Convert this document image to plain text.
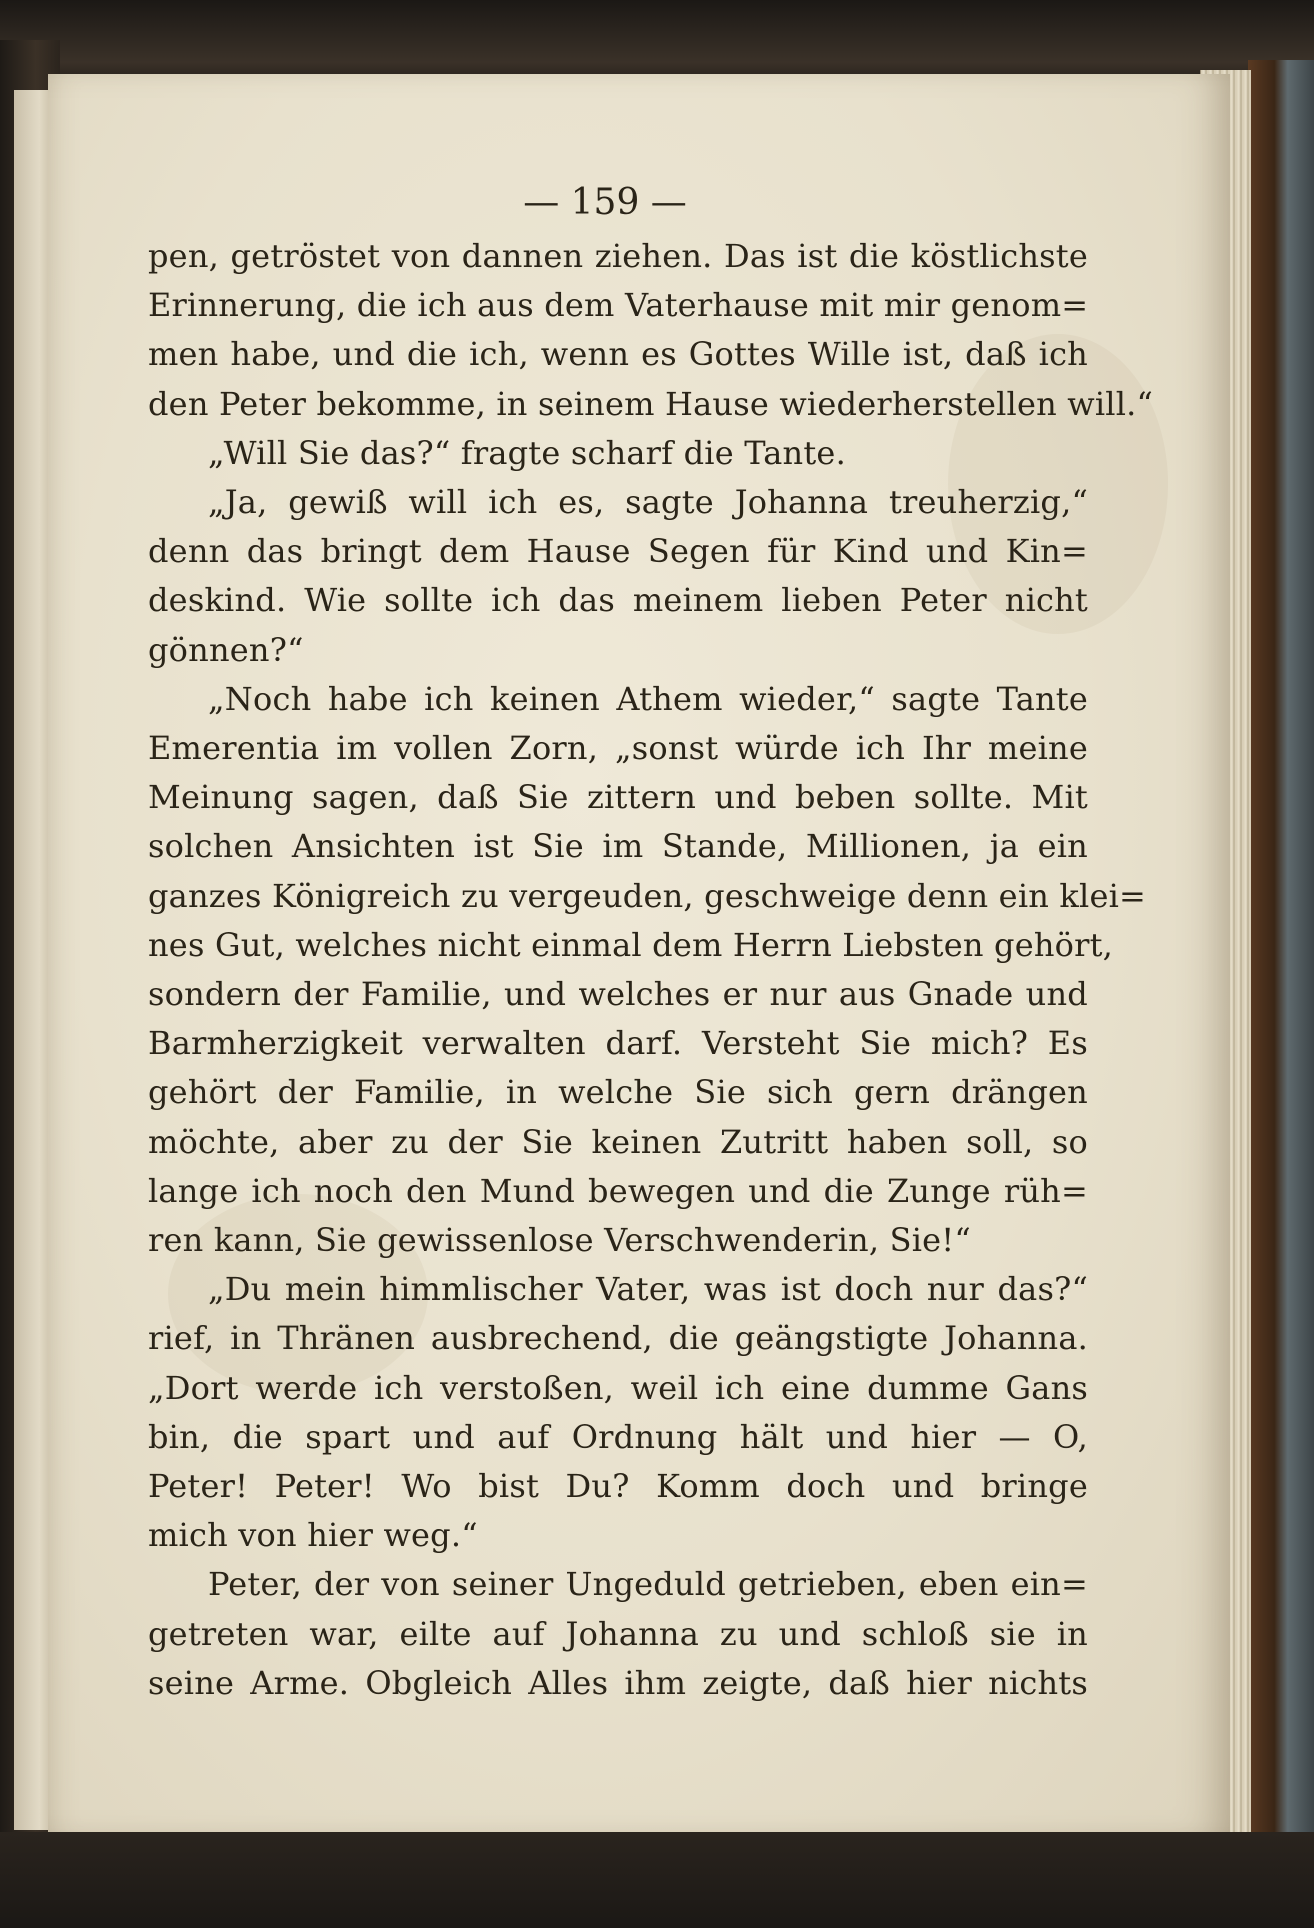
— 159 —
pen, getröstet von dannen ziehen. Das ist die köstlichste
Erinnerung, die ich aus dem Vaterhause mit mir genom=
men habe, und die ich, wenn es Gottes Wille ist, daß ich
den Peter bekomme, in seinem Hause wiederherstellen will.“
„Will Sie das?“ fragte scharf die Tante.
„Ja, gewiß will ich es, sagte Johanna treuherzig,“
denn das bringt dem Hause Segen für Kind und Kin=
deskind. Wie sollte ich das meinem lieben Peter nicht
gönnen?“
„Noch habe ich keinen Athem wieder,“ sagte Tante
Emerentia im vollen Zorn, „sonst würde ich Ihr meine
Meinung sagen, daß Sie zittern und beben sollte. Mit
solchen Ansichten ist Sie im Stande, Millionen, ja ein
ganzes Königreich zu vergeuden, geschweige denn ein klei=
nes Gut, welches nicht einmal dem Herrn Liebsten gehört,
sondern der Familie, und welches er nur aus Gnade und
Barmherzigkeit verwalten darf. Versteht Sie mich? Es
gehört der Familie, in welche Sie sich gern drängen
möchte, aber zu der Sie keinen Zutritt haben soll, so
lange ich noch den Mund bewegen und die Zunge rüh=
ren kann, Sie gewissenlose Verschwenderin, Sie!“
„Du mein himmlischer Vater, was ist doch nur das?“
rief, in Thränen ausbrechend, die geängstigte Johanna.
„Dort werde ich verstoßen, weil ich eine dumme Gans
bin, die spart und auf Ordnung hält und hier — O,
Peter! Peter! Wo bist Du? Komm doch und bringe
mich von hier weg.“
Peter, der von seiner Ungeduld getrieben, eben ein=
getreten war, eilte auf Johanna zu und schloß sie in
seine Arme. Obgleich Alles ihm zeigte, daß hier nichts
